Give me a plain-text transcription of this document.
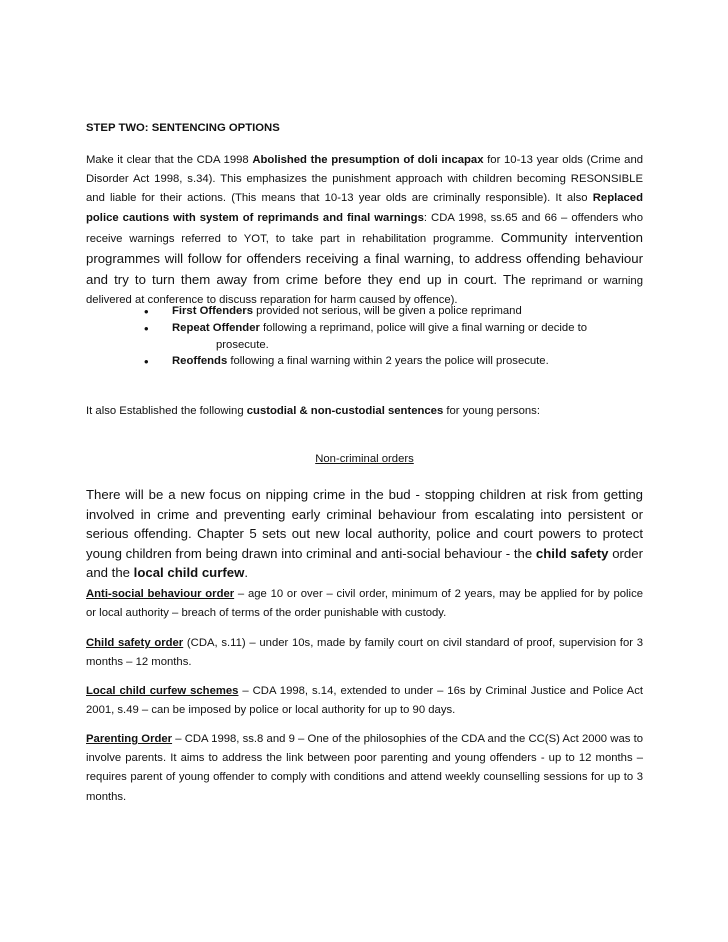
STEP TWO: SENTENCING OPTIONS

Make it clear that the CDA 1998 Abolished the presumption of doli incapax for 10-13 year olds (Crime and Disorder Act 1998, s.34). This emphasizes the punishment approach with children becoming RESONSIBLE and liable for their actions. (This means that 10-13 year olds are criminally responsible). It also Replaced police cautions with system of reprimands and final warnings: CDA 1998, ss.65 and 66 – offenders who receive warnings referred to YOT, to take part in rehabilitation programme. Community intervention programmes will follow for offenders receiving a final warning, to address offending behaviour and try to turn them away from crime before they end up in court. The reprimand or warning delivered at conference to discuss reparation for harm caused by offence).

• First Offenders provided not serious, will be given a police reprimand
• Repeat Offender following a reprimand, police will give a final warning or decide to
prosecute.
• Reoffends following a final warning within 2 years the police will prosecute.

It also Established the following custodial & non-custodial sentences for young persons:

Non-criminal orders

There will be a new focus on nipping crime in the bud - stopping children at risk from getting involved in crime and preventing early criminal behaviour from escalating into persistent or serious offending. Chapter 5 sets out new local authority, police and court powers to protect young children from being drawn into criminal and anti-social behaviour - the child safety order and the local child curfew.

Anti-social behaviour order – age 10 or over – civil order, minimum of 2 years, may be applied for by police or local authority – breach of terms of the order punishable with custody.

Child safety order (CDA, s.11) – under 10s, made by family court on civil standard of proof, supervision for 3 months – 12 months.

Local child curfew schemes – CDA 1998, s.14, extended to under – 16s by Criminal Justice and Police Act 2001, s.49 – can be imposed by police or local authority for up to 90 days.

Parenting Order – CDA 1998, ss.8 and 9 – One of the philosophies of the CDA and the CC(S) Act 2000 was to involve parents. It aims to address the link between poor parenting and young offenders - up to 12 months – requires parent of young offender to comply with conditions and attend weekly counselling sessions for up to 3 months.
